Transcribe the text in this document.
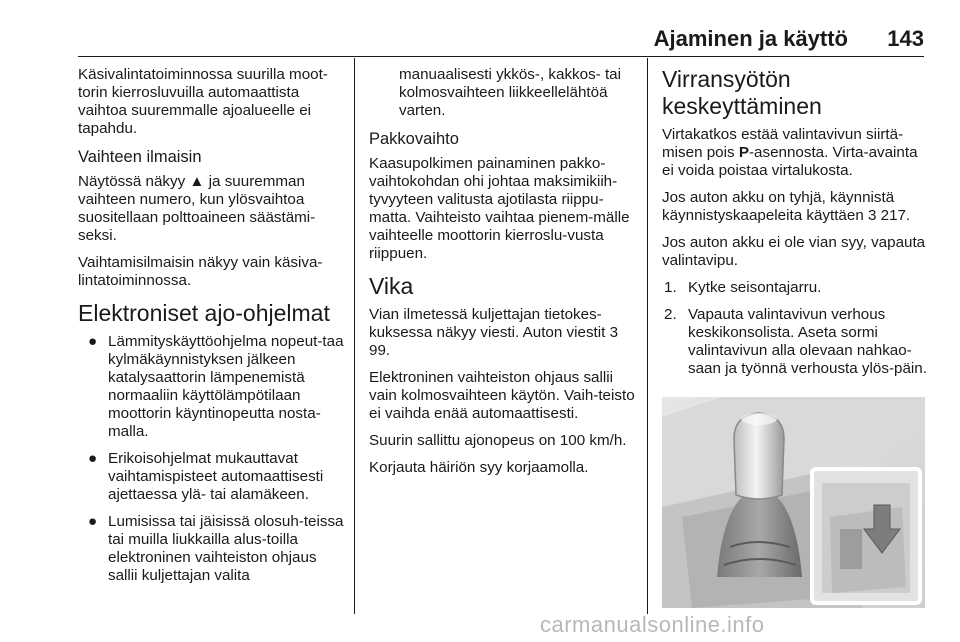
Ajaminen ja käyttö 143

Käsivalintatoiminnossa suurilla moot-torin kierrosluvuilla automaattista vaihtoa suuremmalle ajoalueelle ei tapahdu.

Vaihteen ilmaisin

Näytössä näkyy ▲ ja suuremman vaihteen numero, kun ylösvaihtoa suositellaan polttoaineen säästämi-seksi.

Vaihtamisilmaisin näkyy vain käsiva-lintatoiminnossa.

Elektroniset ajo-ohjelmat
● Lämmityskäyttöohjelma nopeut-taa kylmäkäynnistyksen jälkeen katalysaattorin lämpenemistä normaaliin käyttölämpötilaan moottorin käyntinopeutta nosta-malla.
● Erikoisohjelmat mukauttavat vaihtamispisteet automaattisesti ajettaessa ylä- tai alamäkeen.
● Lumisissa tai jäisissä olosuh-teissa tai muilla liukkailla alus-toilla elektroninen vaihteiston ohjaus sallii kuljettajan valita

manuaalisesti ykkös-, kakkos- tai kolmosvaihteen liikkeellelähtöä varten.

Pakkovaihto

Kaasupolkimen painaminen pakko-vaihtokohdan ohi johtaa maksimikiih-tyvyyteen valitusta ajotilasta riippu-matta. Vaihteisto vaihtaa pienem-mälle vaihteelle moottorin kierroslu-vusta riippuen.

Vika

Vian ilmetessä kuljettajan tietokes-kuksessa näkyy viesti. Auton viestit 3 99.

Elektroninen vaihteiston ohjaus sallii vain kolmosvaihteen käytön. Vaih-teisto ei vaihda enää automaattisesti.

Suurin sallittu ajonopeus on 100 km/h.

Korjauta häiriön syy korjaamolla.

Virransyötön keskeyttäminen

Virtakatkos estää valintavivun siirtä-misen pois P-asennosta. Virta-avainta ei voida poistaa virtalukosta.

Jos auton akku on tyhjä, käynnistä käynnistyskaapeleita käyttäen 3 217.

Jos auton akku ei ole vian syy, vapauta valintavipu.

1. Kytke seisontajarru.
2. Vapauta valintavivun verhous keskikonsolista. Aseta sormi valintavivun alla olevaan nahkao-saan ja työnnä verhousta ylös-päin.
carmanualsonline.info
